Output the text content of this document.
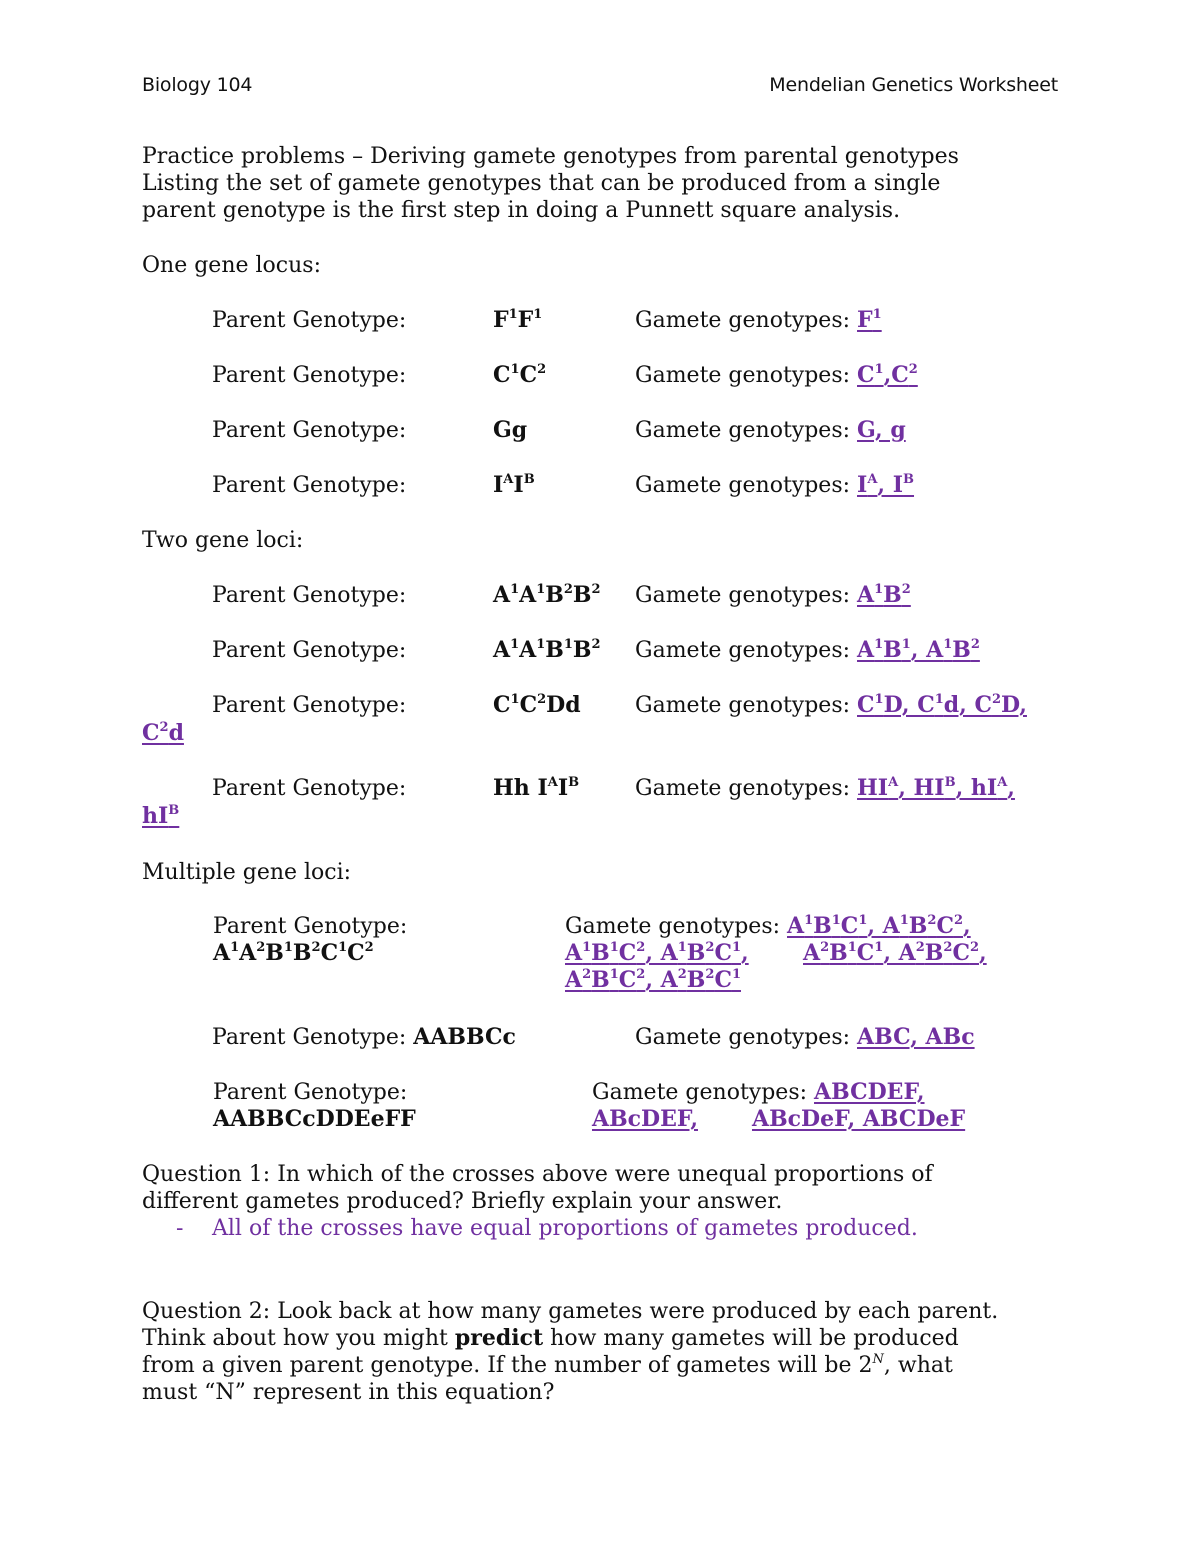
Biology 104	Mendelian Genetics Worksheet
Practice problems – Deriving gamete genotypes from parental genotypes
Listing the set of gamete genotypes that can be produced from a single
parent genotype is the first step in doing a Punnett square analysis.
One gene locus:
Parent Genotype:	$F^1F^1$	Gamete genotypes: $F^1$
Parent Genotype:	$C^1C^2$	Gamete genotypes: $C^1,C^2$
Parent Genotype:	Gg	Gamete genotypes: G, g
Parent Genotype:	$I^AI^B$	Gamete genotypes: $I^A$, $I^B$
Two gene loci:
Parent Genotype:	$A^1A^1B^2B^2$ Gamete genotypes: $A^1B^2$
Parent Genotype:	$A^1A^1B^1B^2$ Gamete genotypes: $A^1B^1$, $A^1B^2$
Parent Genotype:	$C^1C^2Dd$ Gamete genotypes: $C^1D$, $C^1d$, $C^2D$,
$C^2d$
Parent Genotype:	Hh $I^AI^B$	Gamete genotypes: $HI^A$, $HI^B$, $hI^A$,
$hI^B$
Multiple gene loci:
Parent Genotype:
$A^1A^2B^1B^2C^1C^2$
Gamete genotypes: $A^1B^1C^1$, $A^1B^2C^2$,
$A^1B^1C^2$, $A^1B^2C^1$, $A^2B^1C^1$, $A^2B^2C^2$,
$A^2B^1C^2$, $A^2B^2C^1$
Parent Genotype: AABBCc	Gamete genotypes: ABC, ABc
Parent Genotype:
AABBCcDDEeFF
Gamete genotypes: ABCDEF,
ABcDEF, ABcDeF, ABCDeF
Question 1: In which of the crosses above were unequal proportions of
different gametes produced? Briefly explain your answer.
- All of the crosses have equal proportions of gametes produced.
Question 2: Look back at how many gametes were produced by each parent.
Think about how you might predict how many gametes will be produced
from a given parent genotype. If the number of gametes will be $2^N$, what
must “N” represent in this equation?
